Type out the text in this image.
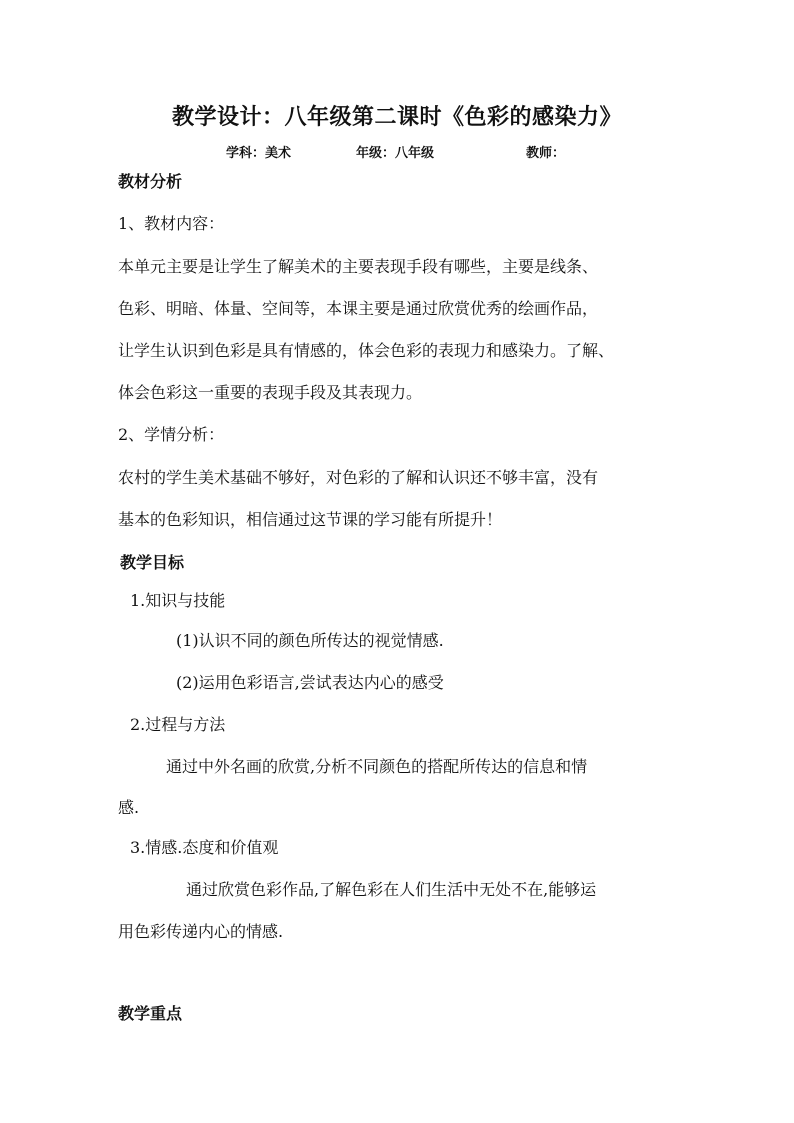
教学设计：八年级第二课时《色彩的感染力》
学科：美术	年级：八年级	教师：
教材分析
1、教材内容：
本单元主要是让学生了解美术的主要表现手段有哪些，主要是线条、
色彩、明暗、体量、空间等，本课主要是通过欣赏优秀的绘画作品，
让学生认识到色彩是具有情感的，体会色彩的表现力和感染力。了解、
体会色彩这一重要的表现手段及其表现力。
2、学情分析：
农村的学生美术基础不够好，对色彩的了解和认识还不够丰富，没有
基本的色彩知识，相信通过这节课的学习能有所提升！
教学目标
1.知识与技能
(1)认识不同的颜色所传达的视觉情感.
(2)运用色彩语言,尝试表达内心的感受
2.过程与方法
通过中外名画的欣赏,分析不同颜色的搭配所传达的信息和情
感.
3.情感.态度和价值观
通过欣赏色彩作品,了解色彩在人们生活中无处不在,能够运
用色彩传递内心的情感.
教学重点
